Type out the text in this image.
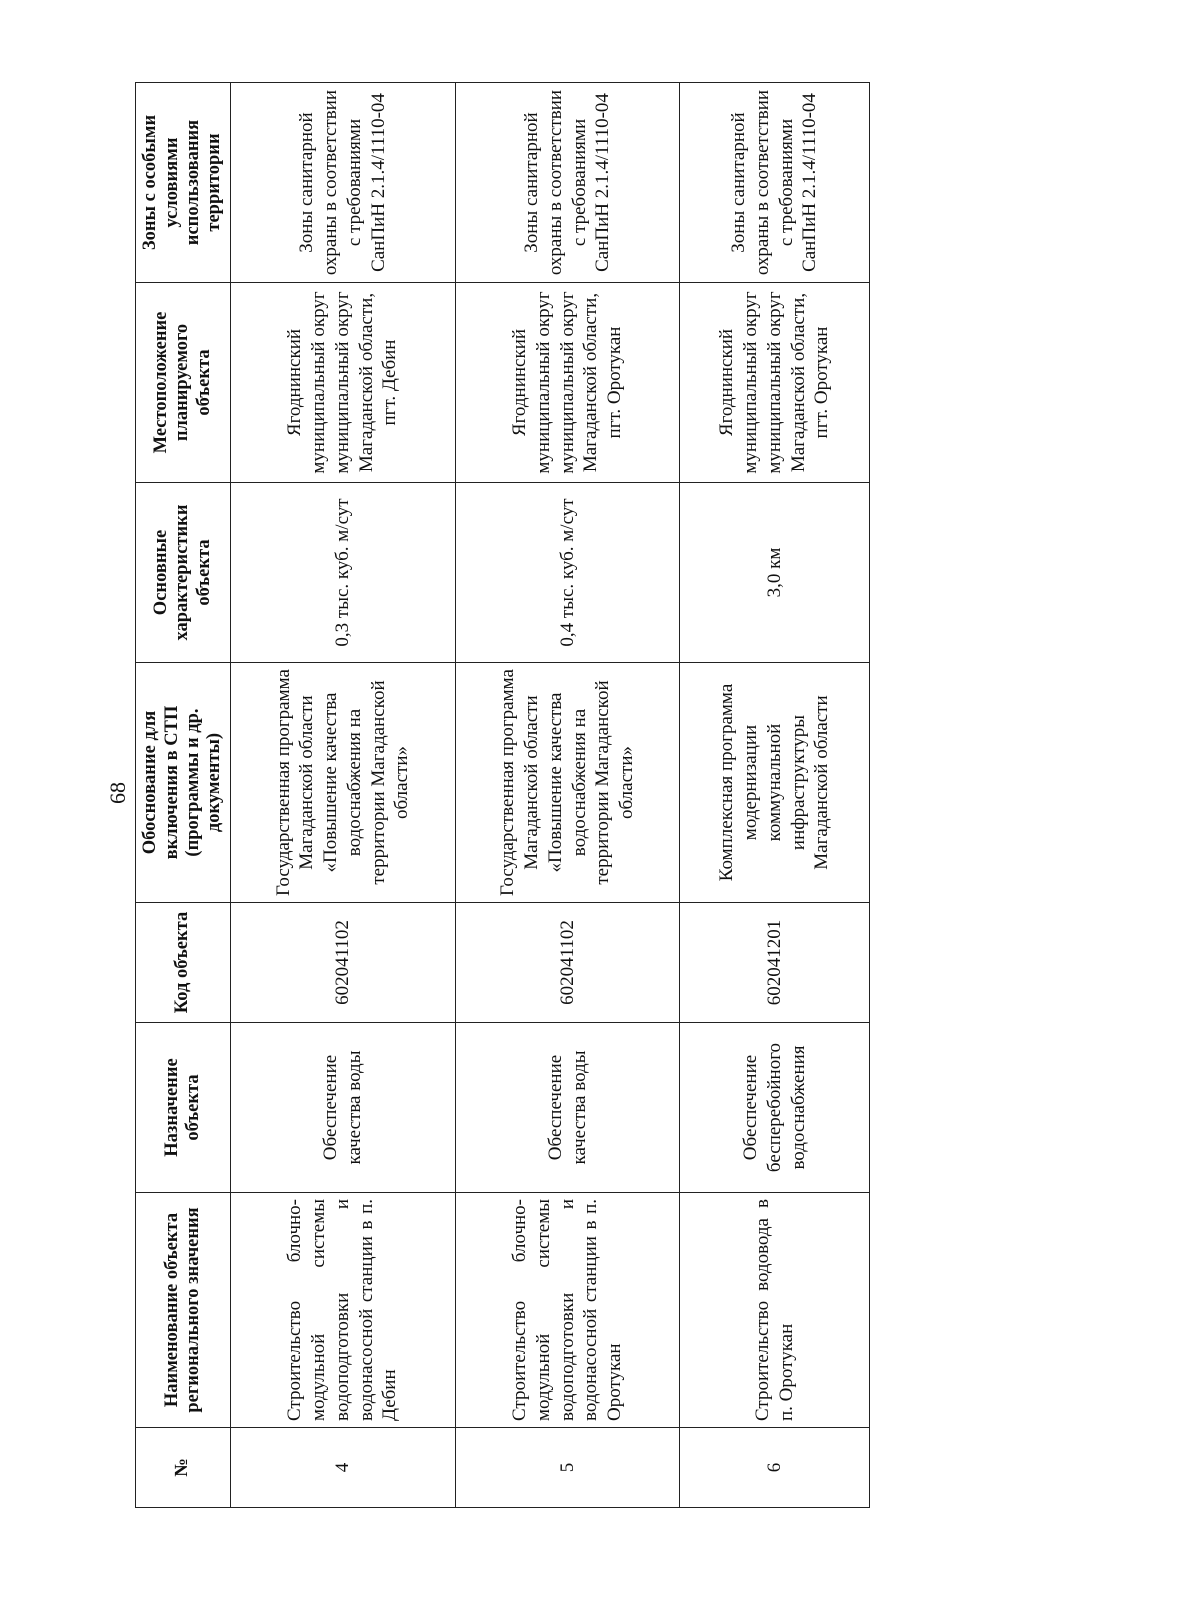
68
№	Наименование объекта регионального значения	Назначение объекта	Код объекта	Обоснование для включения в СТП (программы и др. документы)	Основные характеристики объекта	Местоположение планируемого объекта	Зоны с особыми условиями использования территории
4	Строительство блочно-модульной системы водоподготовки и водонасосной станции в п. Дебин	Обеспечение качества воды	602041102	Государственная программа Магаданской области «Повышение качества водоснабжения на территории Магаданской области»	0,3 тыс. куб. м/сут	Ягоднинский муниципальный округ муниципальный округ Магаданской области, пгт. Дебин	Зоны санитарной охраны в соответствии с требованиями СанПиН 2.1.4/1110-04
5	Строительство блочно-модульной системы водоподготовки и водонасосной станции в п. Оротукан	Обеспечение качества воды	602041102	Государственная программа Магаданской области «Повышение качества водоснабжения на территории Магаданской области»	0,4 тыс. куб. м/сут	Ягоднинский муниципальный округ муниципальный округ Магаданской области, пгт. Оротукан	Зоны санитарной охраны в соответствии с требованиями СанПиН 2.1.4/1110-04
6	Строительство водовода в п. Оротукан	Обеспечение бесперебойного водоснабжения	602041201	Комплексная программа модернизации коммунальной инфраструктуры Магаданской области	3,0 км	Ягоднинский муниципальный округ муниципальный округ Магаданской области, пгт. Оротукан	Зоны санитарной охраны в соответствии с требованиями СанПиН 2.1.4/1110-04
